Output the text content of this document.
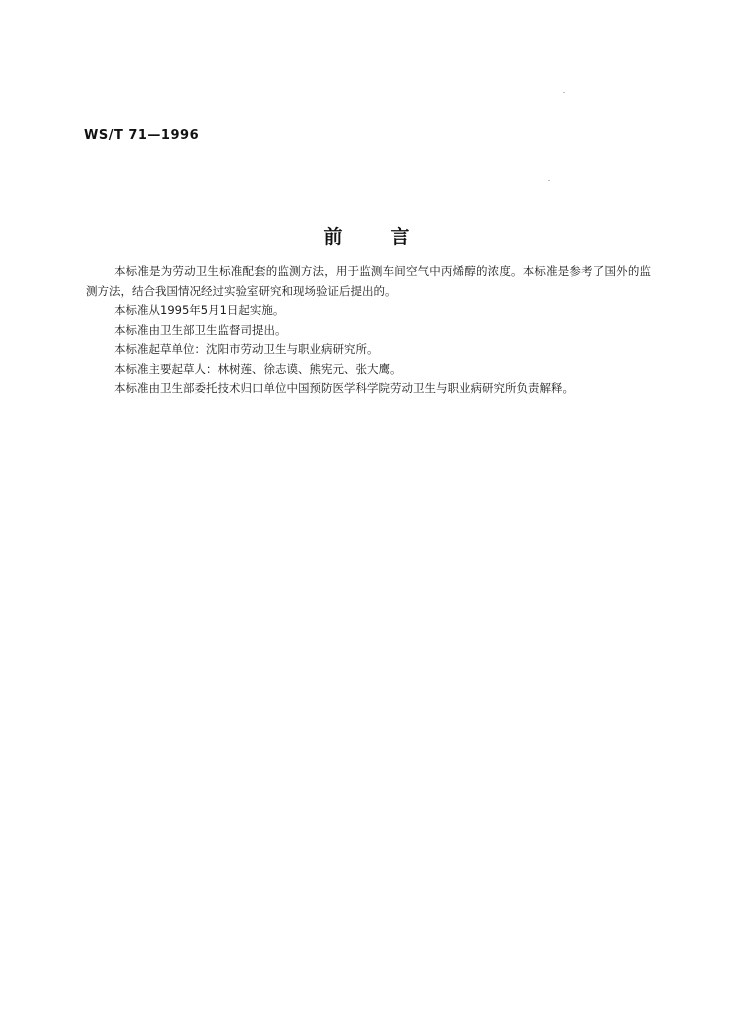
WS/T 71—1996
前言

本标准是为劳动卫生标准配套的监测方法，用于监测车间空气中丙烯醇的浓度。本标准是参考了国外的监测方法，结合我国情况经过实验室研究和现场验证后提出的。

本标准从1995年5月1日起实施。

本标准由卫生部卫生监督司提出。

本标准起草单位：沈阳市劳动卫生与职业病研究所。

本标准主要起草人：林树莲、徐志谟、熊宪元、张大鹰。

本标准由卫生部委托技术归口单位中国预防医学科学院劳动卫生与职业病研究所负责解释。
